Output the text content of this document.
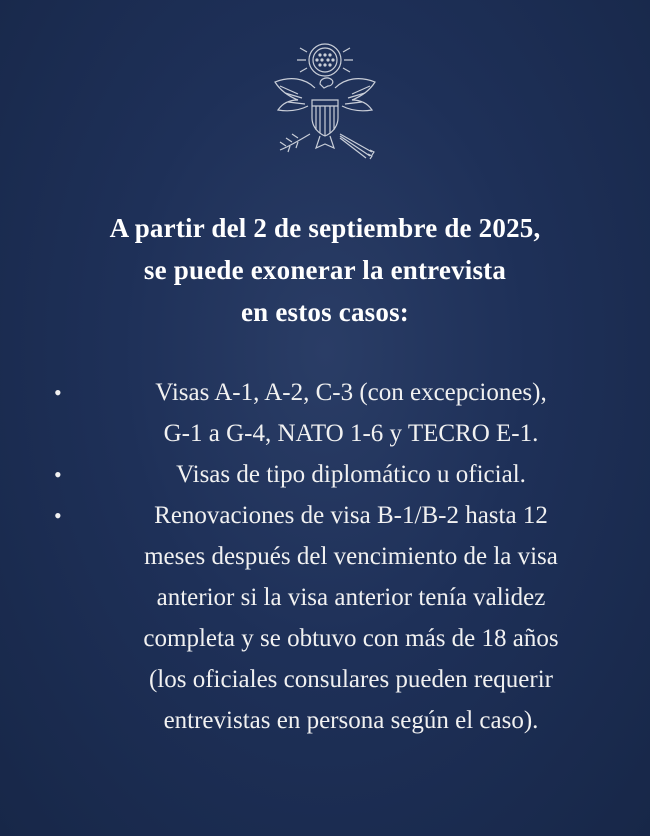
A partir del 2 de septiembre de 2025,
se puede exonerar la entrevista
en estos casos:
•	Visas A-1, A-2, C-3 (con excepciones),
G-1 a G-4, NATO 1-6 y TECRO E-1.
•	Visas de tipo diplomático u oficial.
•	Renovaciones de visa B-1/B-2 hasta 12
meses después del vencimiento de la visa
anterior si la visa anterior tenía validez
completa y se obtuvo con más de 18 años
(los oficiales consulares pueden requerir
entrevistas en persona según el caso).
